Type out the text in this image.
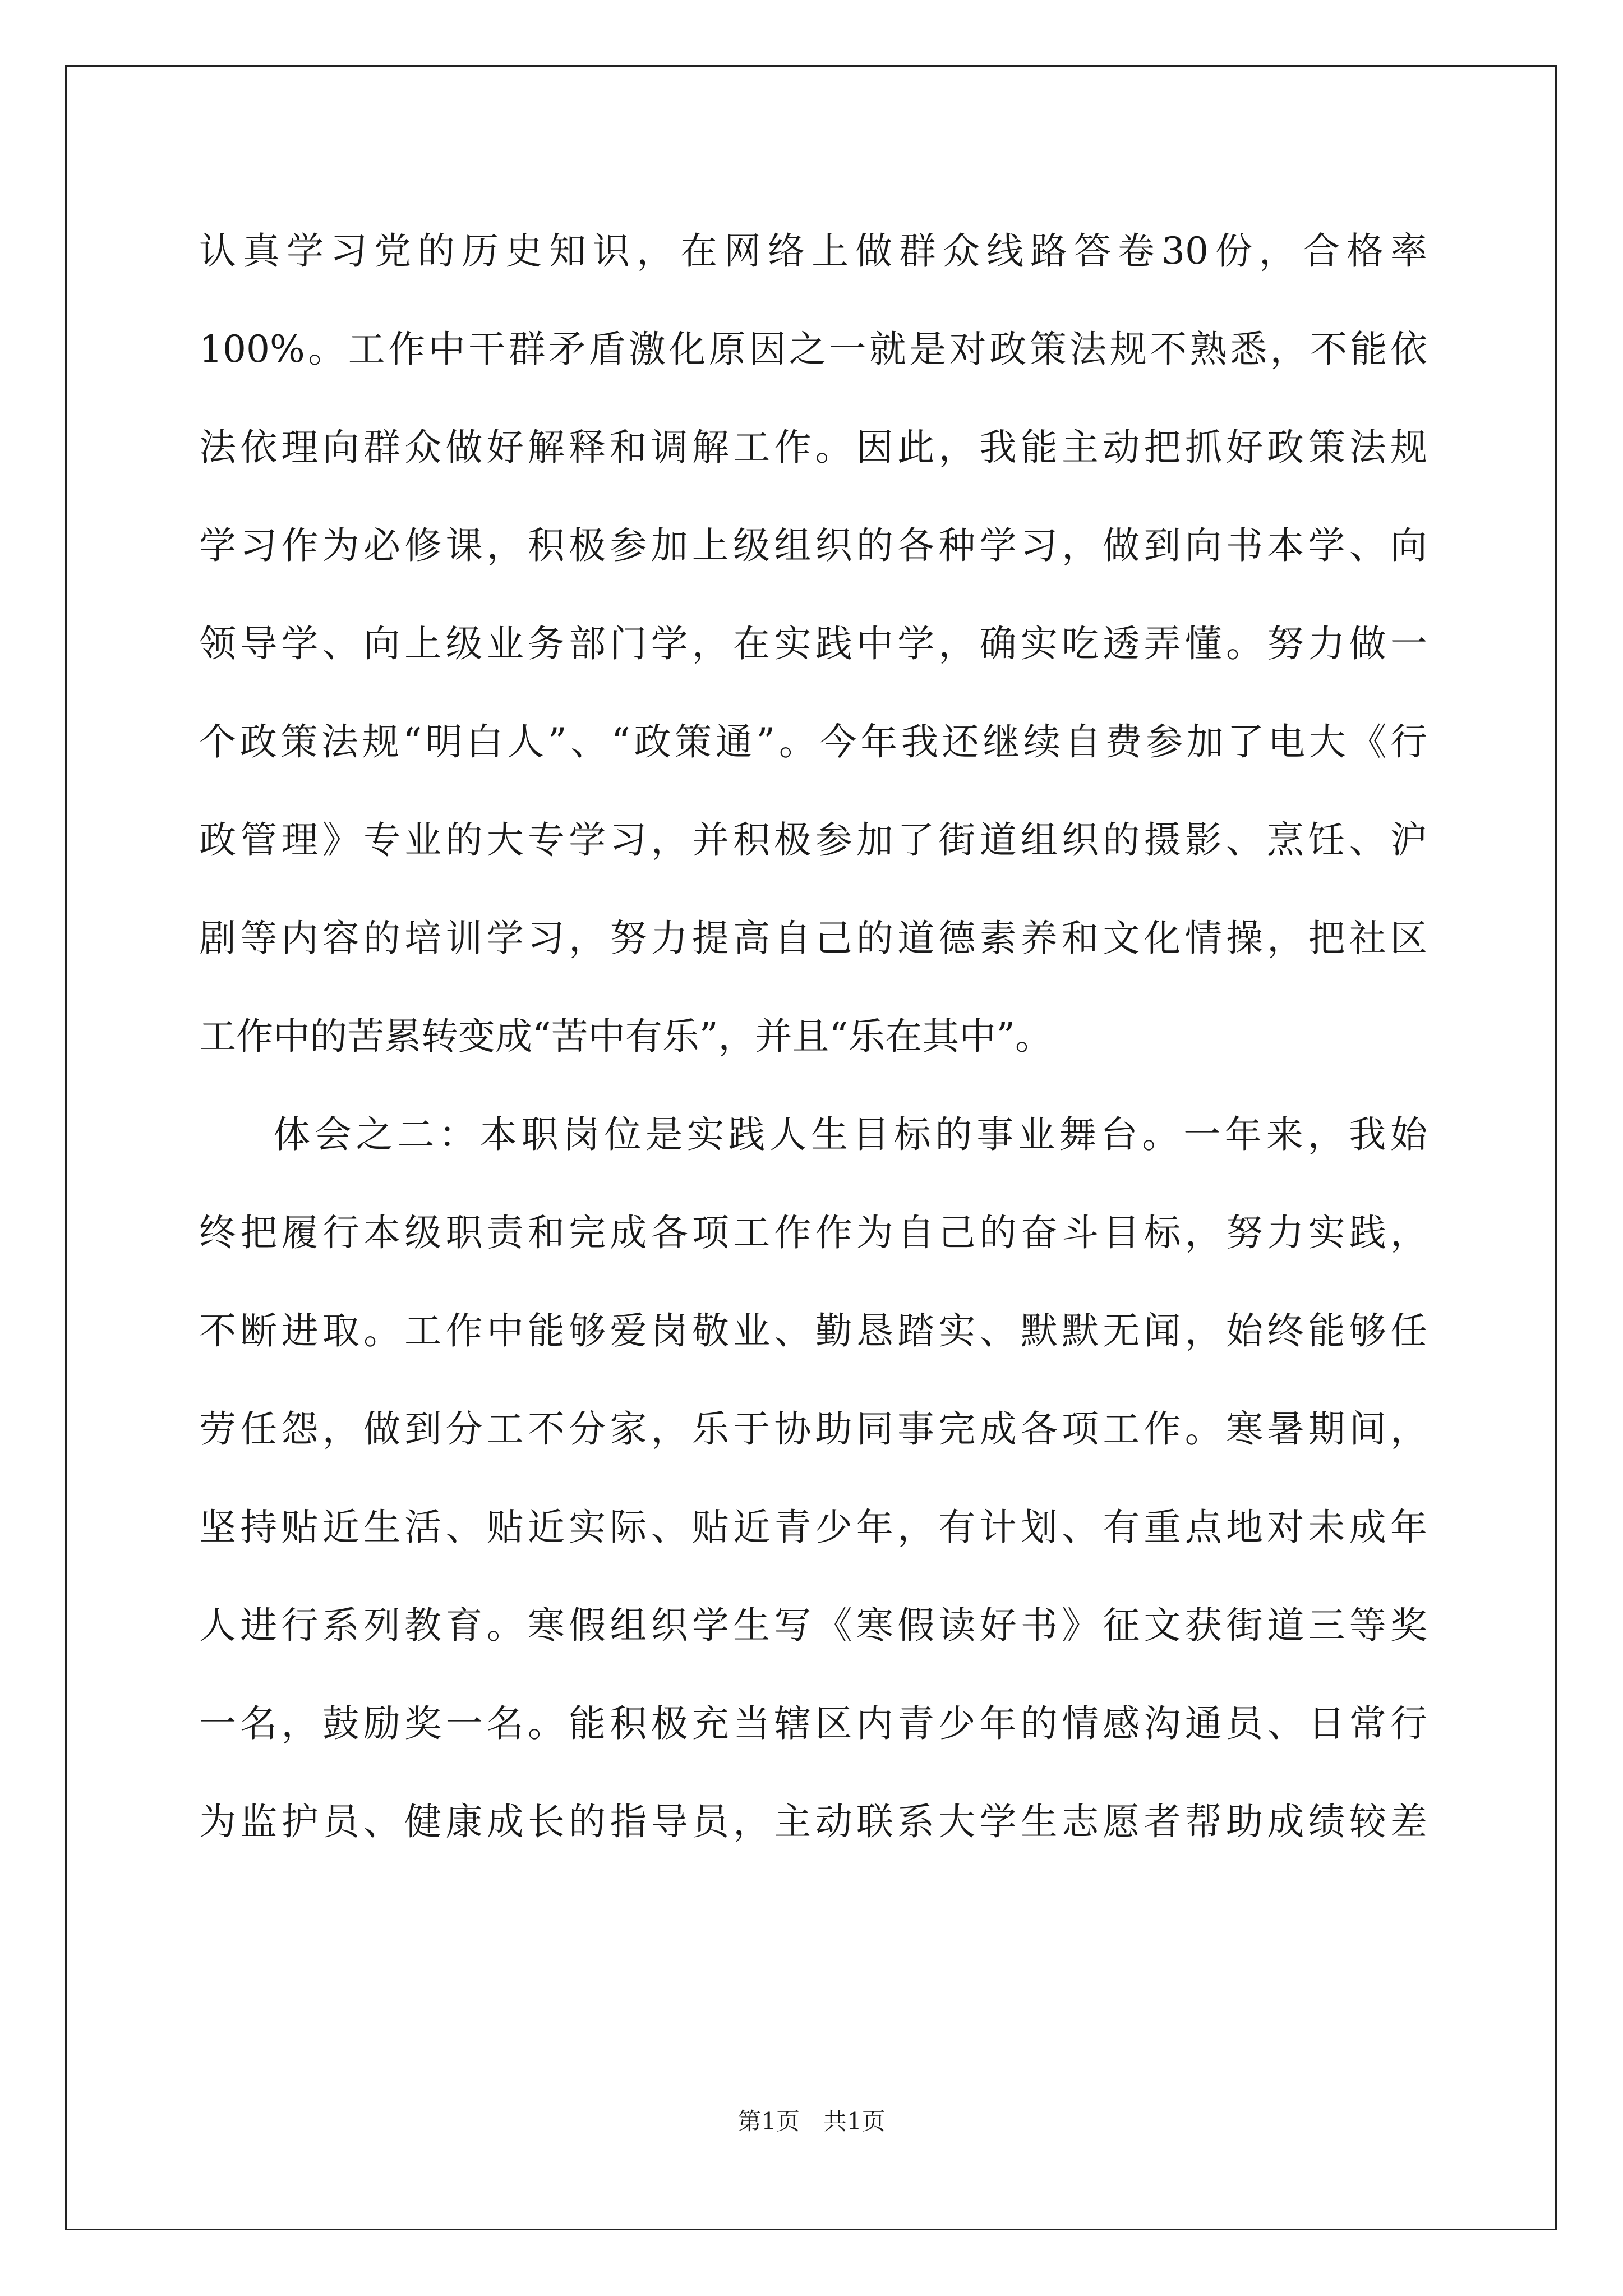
认真学习党的历史知识，在网络上做群众线路答卷30份，合格率
100%。工作中干群矛盾激化原因之一就是对政策法规不熟悉，不能依
法依理向群众做好解释和调解工作。因此，我能主动把抓好政策法规
学习作为必修课，积极参加上级组织的各种学习，做到向书本学、向
领导学、向上级业务部门学，在实践中学，确实吃透弄懂。努力做一
个政策法规“明白人”、“政策通”。今年我还继续自费参加了电大《行
政管理》专业的大专学习，并积极参加了街道组织的摄影、烹饪、沪
剧等内容的培训学习，努力提高自己的道德素养和文化情操，把社区
工作中的苦累转变成“苦中有乐”，并且“乐在其中”。
体会之二：本职岗位是实践人生目标的事业舞台。一年来，我始
终把履行本级职责和完成各项工作作为自己的奋斗目标，努力实践，
不断进取。工作中能够爱岗敬业、勤恳踏实、默默无闻，始终能够任
劳任怨，做到分工不分家，乐于协助同事完成各项工作。寒暑期间，
坚持贴近生活、贴近实际、贴近青少年，有计划、有重点地对未成年
人进行系列教育。寒假组织学生写《寒假读好书》征文获街道三等奖
一名，鼓励奖一名。能积极充当辖区内青少年的情感沟通员、日常行
为监护员、健康成长的指导员，主动联系大学生志愿者帮助成绩较差
第1页　共1页
